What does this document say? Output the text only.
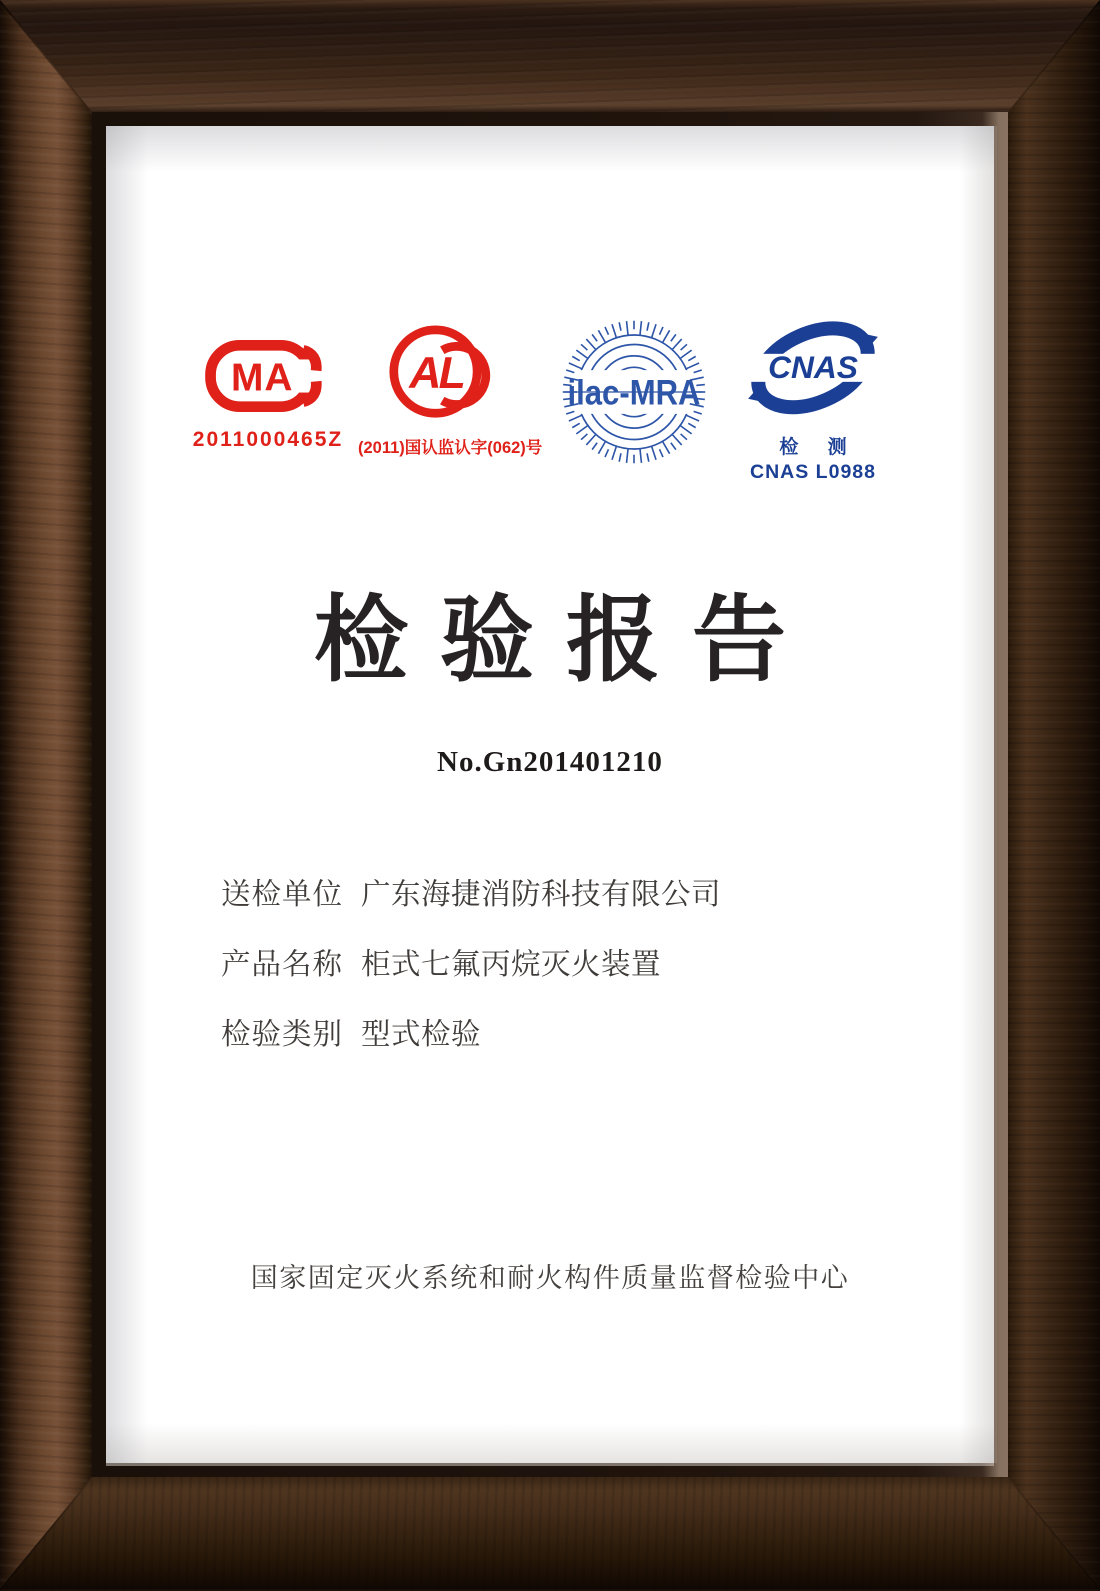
MA
2011000465Z
AL
(2011)国认监认字(062)号
ilac-MRA
CNAS
检 测
CNAS L0988
检验报告
No.Gn201401210
送检单位 广东海捷消防科技有限公司
产品名称 柜式七氟丙烷灭火装置
检验类别 型式检验
国家固定灭火系统和耐火构件质量监督检验中心
